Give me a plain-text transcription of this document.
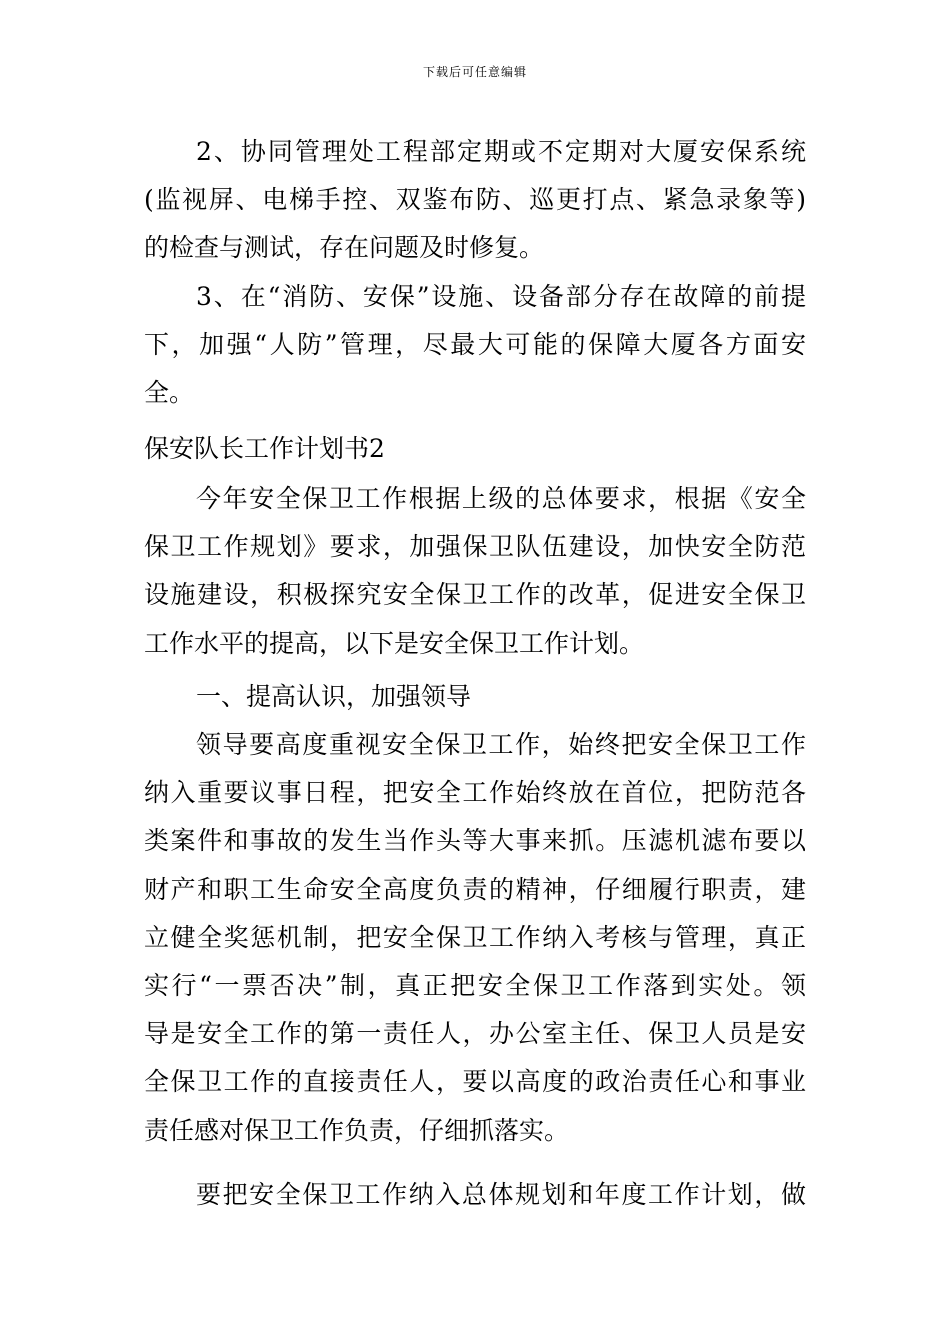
下载后可任意编辑
2、协同管理处工程部定期或不定期对大厦安保系统
(监视屏、电梯手控、双鉴布防、巡更打点、紧急录象等)
的检查与测试，存在问题及时修复。
3、在“消防、安保”设施、设备部分存在故障的前提
下，加强“人防”管理，尽最大可能的保障大厦各方面安
全。
保安队长工作计划书2
今年安全保卫工作根据上级的总体要求，根据《安全
保卫工作规划》要求，加强保卫队伍建设，加快安全防范
设施建设，积极探究安全保卫工作的改革，促进安全保卫
工作水平的提高，以下是安全保卫工作计划。
一、提高认识，加强领导
领导要高度重视安全保卫工作，始终把安全保卫工作
纳入重要议事日程，把安全工作始终放在首位，把防范各
类案件和事故的发生当作头等大事来抓。压滤机滤布要以
财产和职工生命安全高度负责的精神，仔细履行职责，建
立健全奖惩机制，把安全保卫工作纳入考核与管理，真正
实行“一票否决”制，真正把安全保卫工作落到实处。领
导是安全工作的第一责任人，办公室主任、保卫人员是安
全保卫工作的直接责任人，要以高度的政治责任心和事业
责任感对保卫工作负责，仔细抓落实。
要把安全保卫工作纳入总体规划和年度工作计划，做
